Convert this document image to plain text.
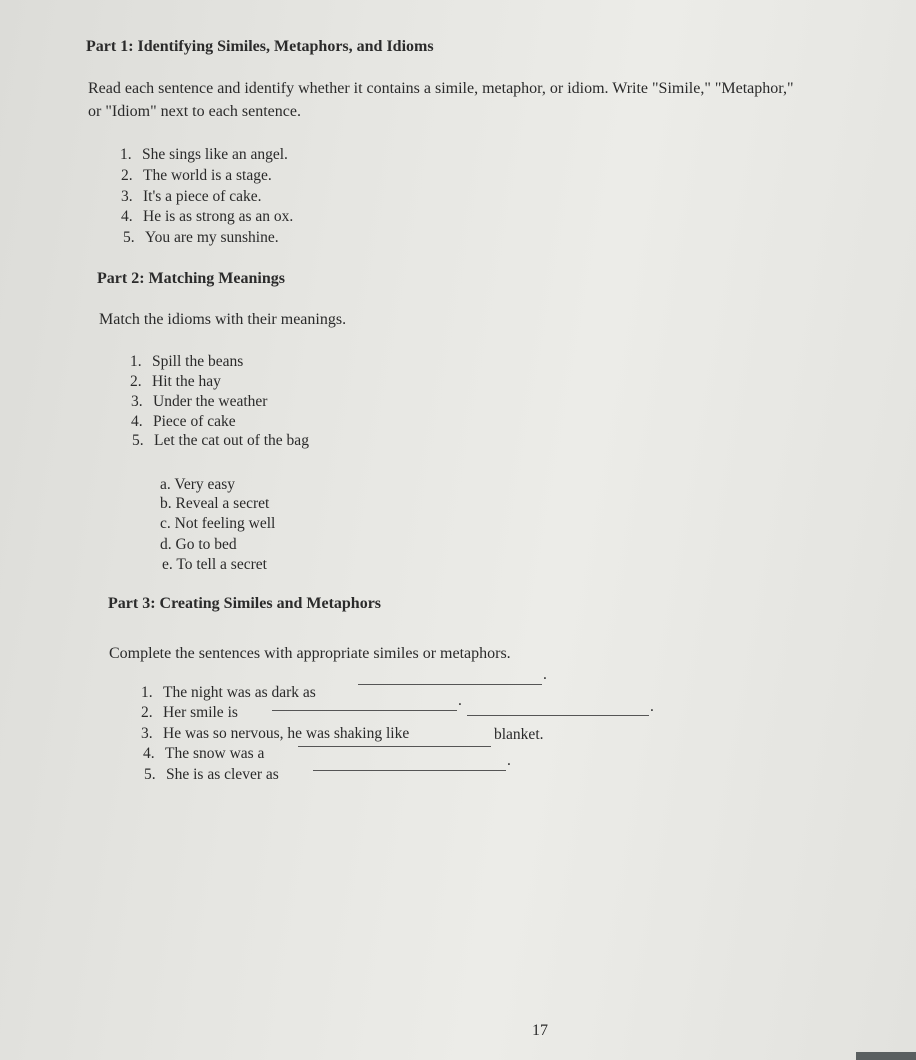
Part 1: Identifying Similes, Metaphors, and Idioms
Read each sentence and identify whether it contains a simile, metaphor, or idiom. Write "Simile," "Metaphor,"
or "Idiom" next to each sentence.
1. She sings like an angel.
2. The world is a stage.
3. It's a piece of cake.
4. He is as strong as an ox.
5. You are my sunshine.
Part 2: Matching Meanings
Match the idioms with their meanings.
1. Spill the beans
2. Hit the hay
3. Under the weather
4. Piece of cake
5. Let the cat out of the bag
a. Very easy
b. Reveal a secret
c. Not feeling well
d. Go to bed
e. To tell a secret
Part 3: Creating Similes and Metaphors
Complete the sentences with appropriate similes or metaphors.
1. The night was as dark as
.
2. Her smile is
.
3. He was so nervous, he was shaking like
.
4. The snow was a
blanket.
5. She is as clever as
.
17
